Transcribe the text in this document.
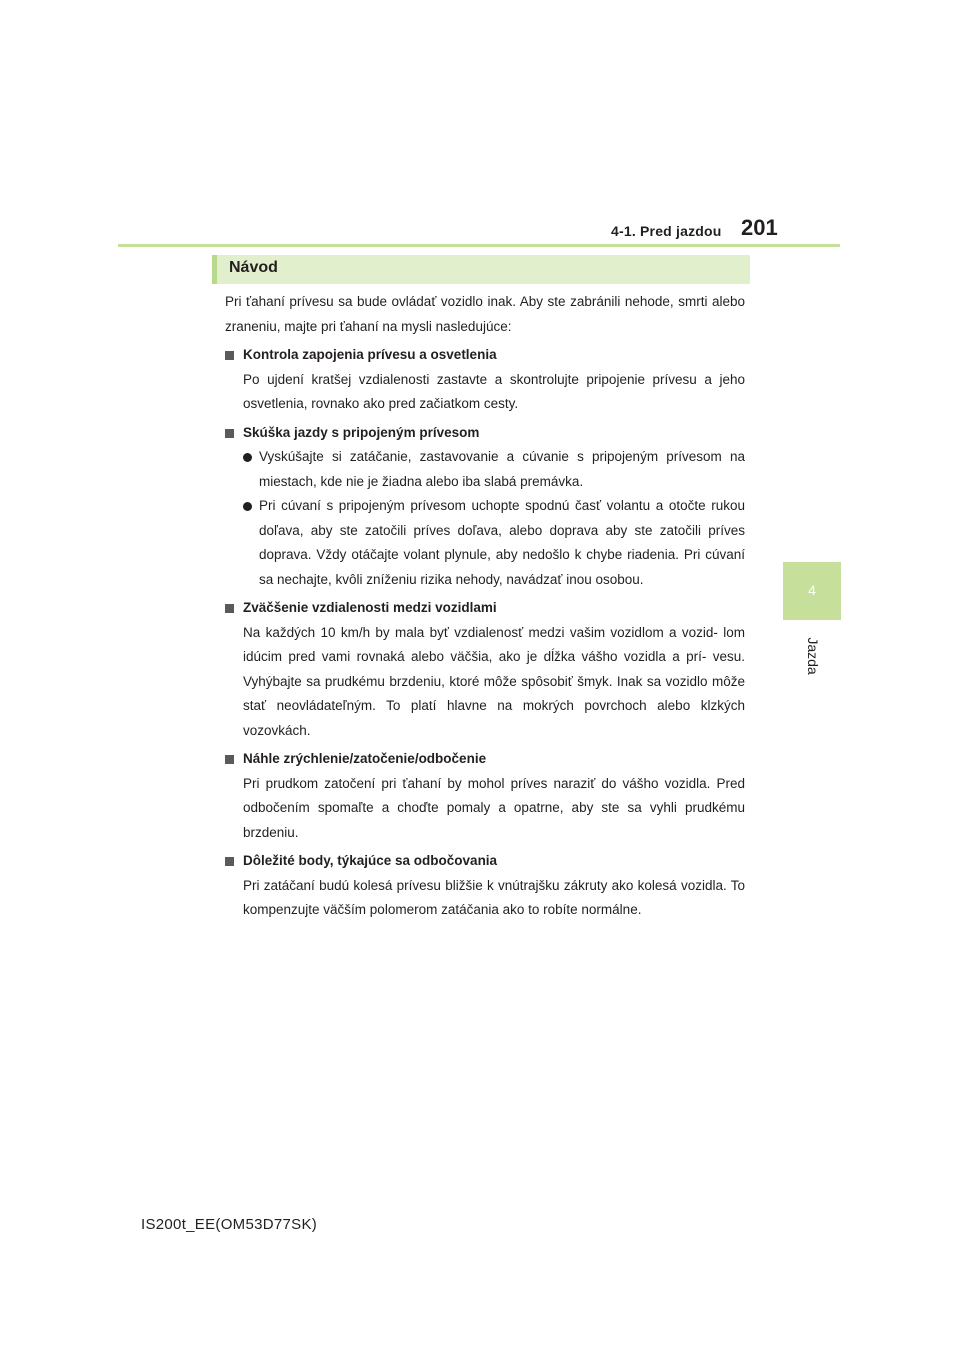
4-1. Pred jazdou 201
4
Jazda
Návod

Pri ťahaní prívesu sa bude ovládať vozidlo inak. Aby ste zabránili nehode, smrti alebo zraneniu, majte pri ťahaní na mysli nasledujúce:

Kontrola zapojenia prívesu a osvetlenia

Po ujdení kratšej vzdialenosti zastavte a skontrolujte pripojenie prívesu a jeho osvetlenia, rovnako ako pred začiatkom cesty.

Skúška jazdy s pripojeným prívesom
Vyskúšajte si zatáčanie, zastavovanie a cúvanie s pripojeným prívesom na miestach, kde nie je žiadna alebo iba slabá premávka.
Pri cúvaní s pripojeným prívesom uchopte spodnú časť volantu a otočte rukou doľava, aby ste zatočili príves doľava, alebo doprava aby ste zatočili príves doprava. Vždy otáčajte volant plynule, aby nedošlo k chybe riadenia. Pri cúvaní sa nechajte, kvôli zníženiu rizika nehody, navádzať inou osobou.
Zväčšenie vzdialenosti medzi vozidlami

Na každých 10 km/h by mala byť vzdialenosť medzi vašim vozidlom a vozid- lom idúcim pred vami rovnaká alebo väčšia, ako je dĺžka vášho vozidla a prí- vesu. Vyhýbajte sa prudkému brzdeniu, ktoré môže spôsobiť šmyk. Inak sa vozidlo môže stať neovládateľným. To platí hlavne na mokrých povrchoch alebo klzkých vozovkách.

Náhle zrýchlenie/zatočenie/odbočenie

Pri prudkom zatočení pri ťahaní by mohol príves naraziť do vášho vozidla. Pred odbočením spomaľte a choďte pomaly a opatrne, aby ste sa vyhli prudkému brzdeniu.

Dôležité body, týkajúce sa odbočovania

Pri zatáčaní budú kolesá prívesu bližšie k vnútrajšku zákruty ako kolesá vozidla. To kompenzujte väčším polomerom zatáčania ako to robíte normálne.

IS200t_EE(OM53D77SK)
